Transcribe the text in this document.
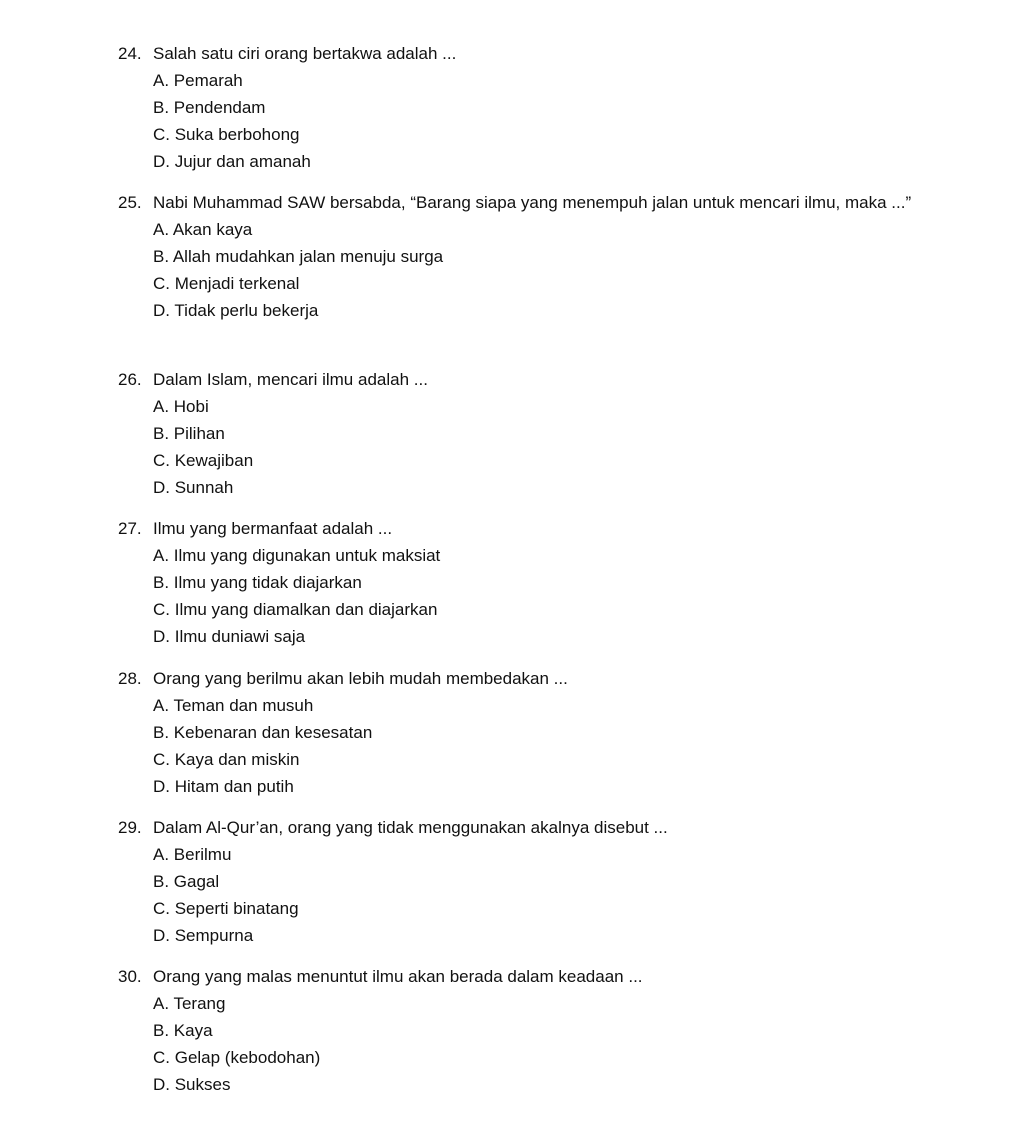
24. Salah satu ciri orang bertakwa adalah ...
A. Pemarah
B. Pendendam
C. Suka berbohong
D. Jujur dan amanah
25. Nabi Muhammad SAW bersabda, “Barang siapa yang menempuh jalan untuk mencari ilmu, maka ...”
A. Akan kaya
B. Allah mudahkan jalan menuju surga
C. Menjadi terkenal
D. Tidak perlu bekerja
26. Dalam Islam, mencari ilmu adalah ...
A. Hobi
B. Pilihan
C. Kewajiban
D. Sunnah
27. Ilmu yang bermanfaat adalah ...
A. Ilmu yang digunakan untuk maksiat
B. Ilmu yang tidak diajarkan
C. Ilmu yang diamalkan dan diajarkan
D. Ilmu duniawi saja
28. Orang yang berilmu akan lebih mudah membedakan ...
A. Teman dan musuh
B. Kebenaran dan kesesatan
C. Kaya dan miskin
D. Hitam dan putih
29. Dalam Al-Qur’an, orang yang tidak menggunakan akalnya disebut ...
A. Berilmu
B. Gagal
C. Seperti binatang
D. Sempurna
30. Orang yang malas menuntut ilmu akan berada dalam keadaan ...
A. Terang
B. Kaya
C. Gelap (kebodohan)
D. Sukses
